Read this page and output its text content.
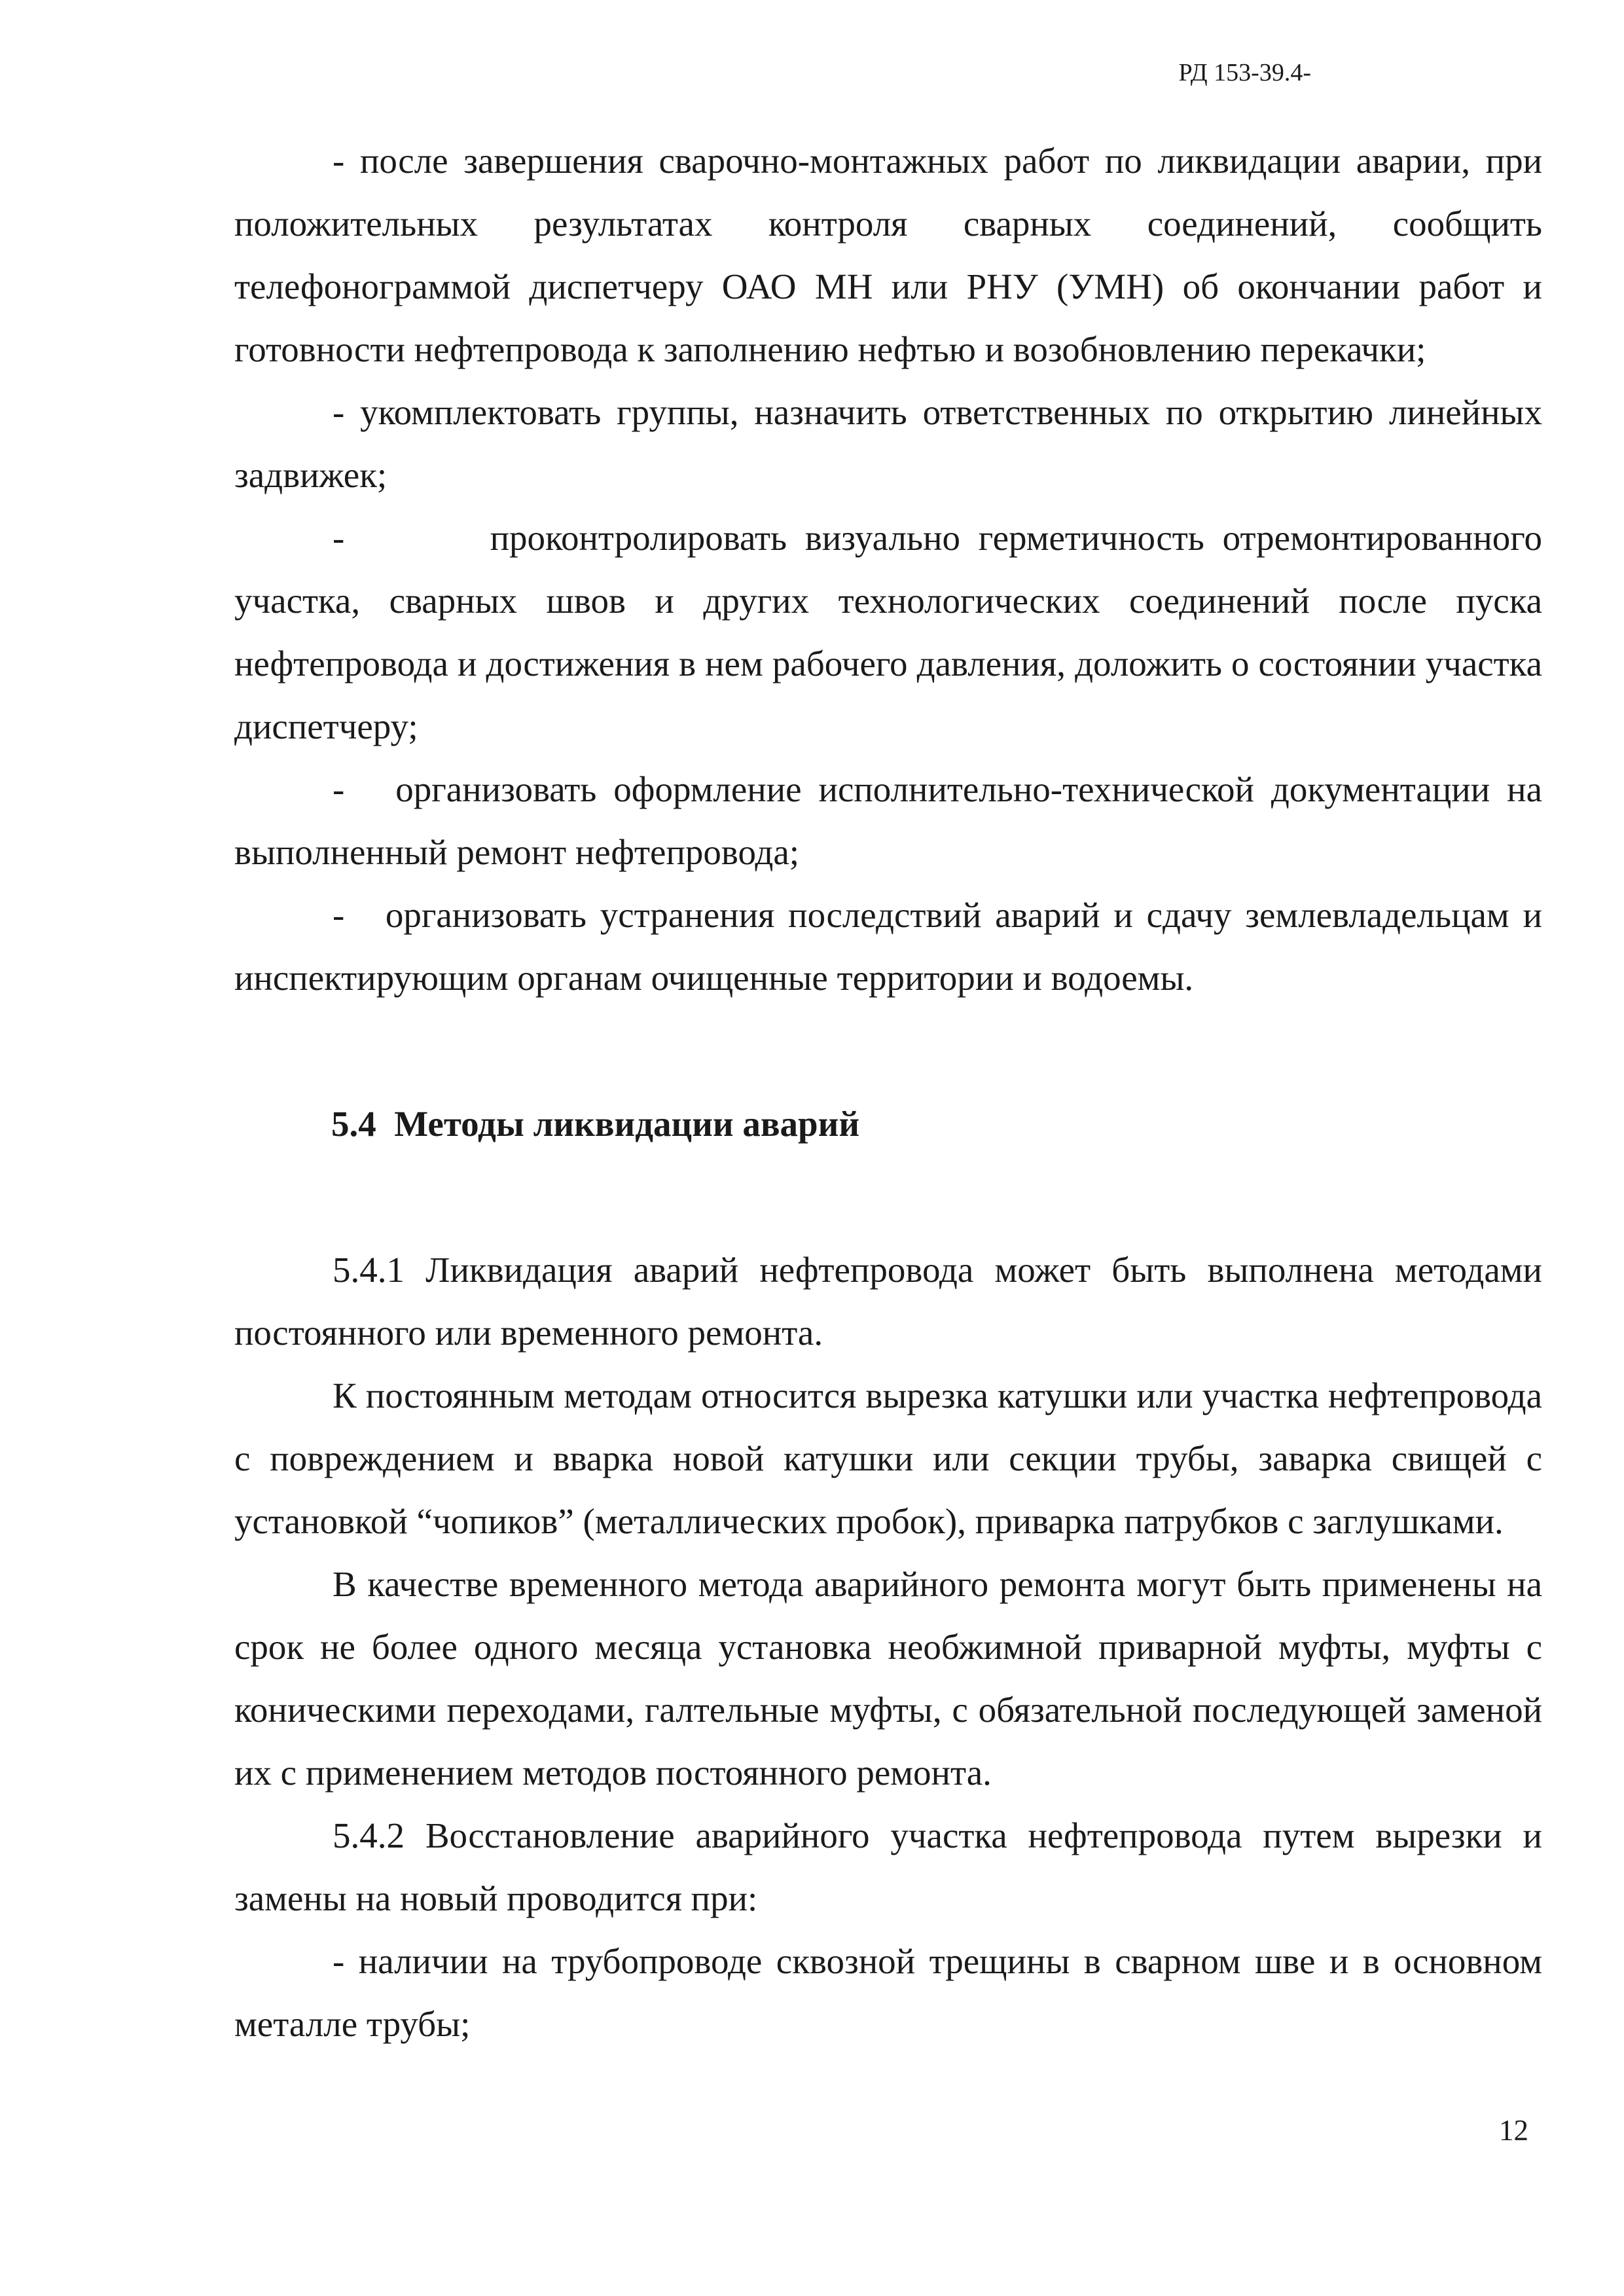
РД 153-39.4-

- после завершения сварочно-монтажных работ по ликвидации аварии, при положительных результатах контроля сварных соединений, сообщить телефонограммой диспетчеру ОАО МН или РНУ (УМН) об окончании работ и готовности нефтепровода к заполнению нефтью и возобновлению перекачки;

- укомплектовать группы, назначить ответственных по открытию линейных задвижек;

-        проконтролировать визуально герметичность отремонтированного участка, сварных швов и других технологических соединений после пуска нефтепровода и достижения в нем рабочего давления, доложить о состоянии участка диспетчеру;

-   организовать оформление исполнительно-технической документации на выполненный ремонт нефтепровода;

-   организовать устранения последствий аварий и сдачу землевладельцам и инспектирующим органам очищенные территории и водоемы.

5.4  Методы ликвидации аварий

5.4.1 Ликвидация аварий нефтепровода может быть выполнена методами постоянного или временного ремонта.

К постоянным методам относится вырезка катушки или участка нефтепровода с повреждением и вварка новой катушки или секции трубы, заварка свищей с установкой “чопиков” (металлических пробок), приварка патрубков с заглушками.

В качестве временного метода аварийного ремонта могут быть применены на срок не более одного месяца установка необжимной приварной муфты, муфты с коническими переходами, галтельные муфты, с обязательной последующей заменой их с применением методов постоянного ремонта.

5.4.2 Восстановление аварийного участка нефтепровода путем вырезки и замены на новый проводится при:

- наличии на трубопроводе сквозной трещины в сварном шве и в основном металле трубы;

12
